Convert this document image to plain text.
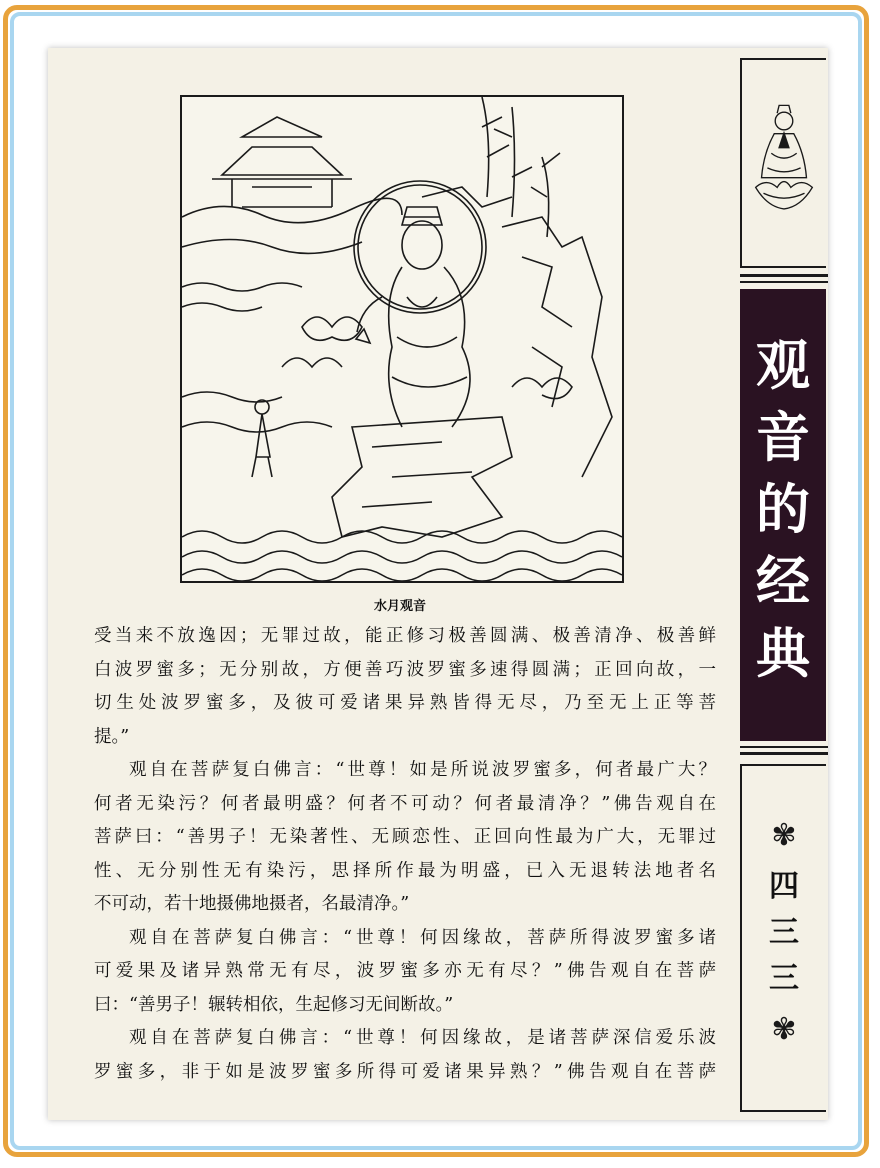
水月观音
受当来不放逸因；无罪过故，能正修习极善圆满、极善清净、极善鲜
白波罗蜜多；无分别故，方便善巧波罗蜜多速得圆满；正回向故，一
切生处波罗蜜多，及彼可爱诸果异熟皆得无尽，乃至无上正等菩
提。”
观自在菩萨复白佛言：“世尊！如是所说波罗蜜多，何者最广大？
何者无染污？何者最明盛？何者不可动？何者最清净？”佛告观自在
菩萨曰：“善男子！无染著性、无顾恋性、正回向性最为广大，无罪过
性、无分别性无有染污，思择所作最为明盛，已入无退转法地者名
不可动，若十地摄佛地摄者，名最清净。”
观自在菩萨复白佛言：“世尊！何因缘故，菩萨所得波罗蜜多诸
可爱果及诸异熟常无有尽，波罗蜜多亦无有尽？”佛告观自在菩萨
曰：“善男子！辗转相依，生起修习无间断故。”
观自在菩萨复白佛言：“世尊！何因缘故，是诸菩萨深信爱乐波
罗蜜多，非于如是波罗蜜多所得可爱诸果异熟？”佛告观自在菩萨
观
音
的
经
典
✾
四
三
三
✾
